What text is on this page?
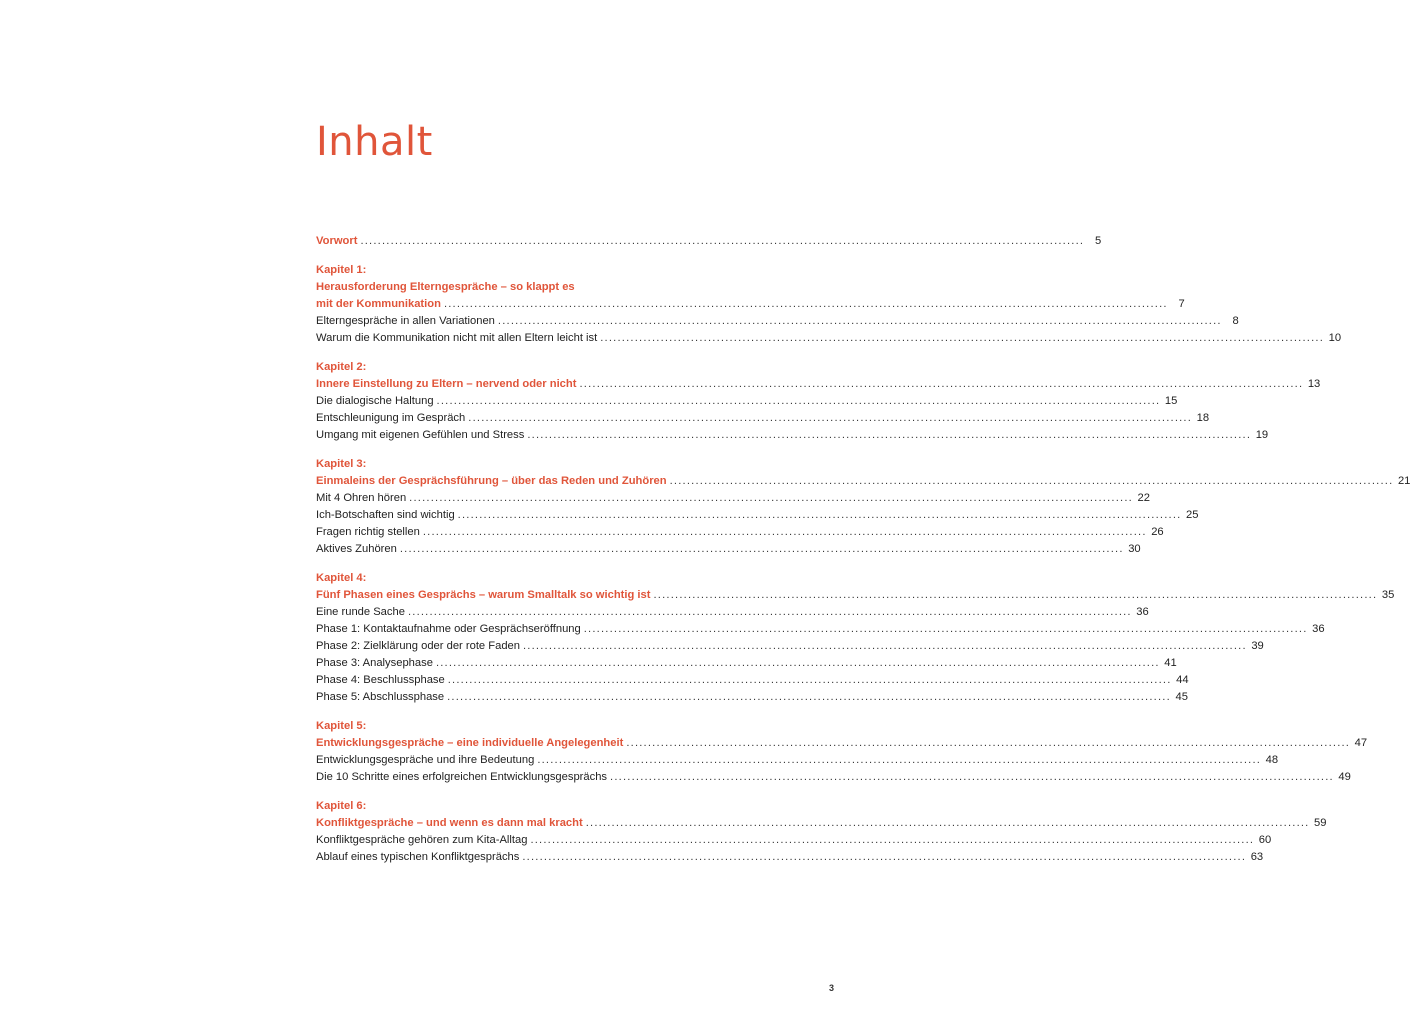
Inhalt
Vorwort .....	5
Kapitel 1:
Herausforderung Elterngespräche – so klappt es
mit der Kommunikation .....	7
Elterngespräche in allen Variationen .....	8
Warum die Kommunikation nicht mit allen Eltern leicht ist .....	10
Kapitel 2:
Innere Einstellung zu Eltern – nervend oder nicht .....	13
Die dialogische Haltung .....	15
Entschleunigung im Gespräch .....	18
Umgang mit eigenen Gefühlen und Stress .....	19
Kapitel 3:
Einmaleins der Gesprächsführung – über das Reden und Zuhören .....	21
Mit 4 Ohren hören .....	22
Ich-Botschaften sind wichtig .....	25
Fragen richtig stellen .....	26
Aktives Zuhören .....	30
Kapitel 4:
Fünf Phasen eines Gesprächs – warum Smalltalk so wichtig ist .....	35
Eine runde Sache .....	36
Phase 1: Kontaktaufnahme oder Gesprächseröffnung .....	36
Phase 2: Zielklärung oder der rote Faden .....	39
Phase 3: Analysephase .....	41
Phase 4: Beschlussphase .....	44
Phase 5: Abschlussphase .....	45
Kapitel 5:
Entwicklungsgespräche – eine individuelle Angelegenheit .....	47
Entwicklungsgespräche und ihre Bedeutung .....	48
Die 10 Schritte eines erfolgreichen Entwicklungsgesprächs .....	49
Kapitel 6:
Konfliktgespräche – und wenn es dann mal kracht .....	59
Konfliktgespräche gehören zum Kita-Alltag .....	60
Ablauf eines typischen Konfliktgesprächs .....	63
3
